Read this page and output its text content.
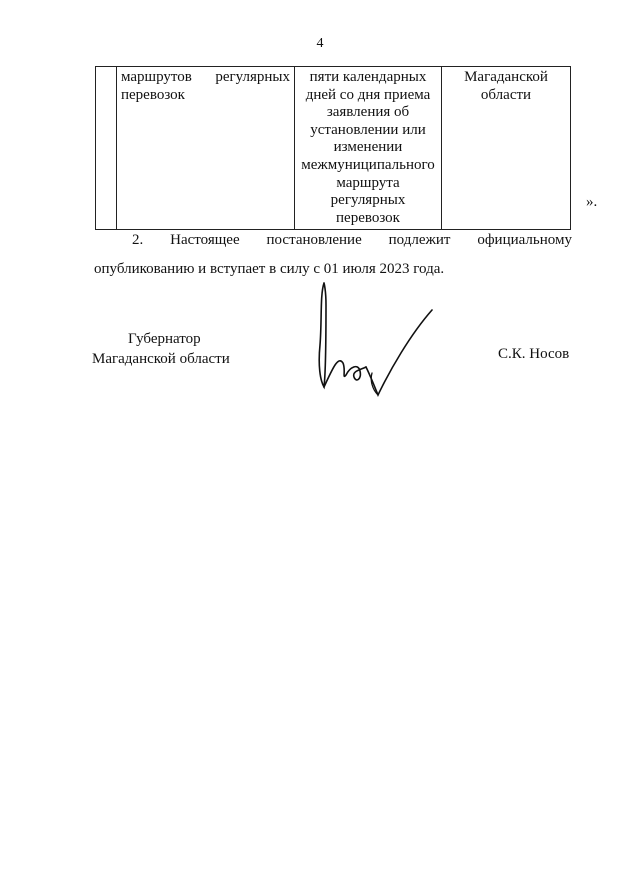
4
	маршрутов регулярных перевозок	пяти календарных дней со дня приема заявления об установлении или изменении межмуниципального маршрута регулярных перевозок	Магаданской области
».
2. Настоящее постановление подлежит официальному
опубликованию и вступает в силу с 01 июля 2023 года.
Губернатор
Магаданской области	С.К. Носов
